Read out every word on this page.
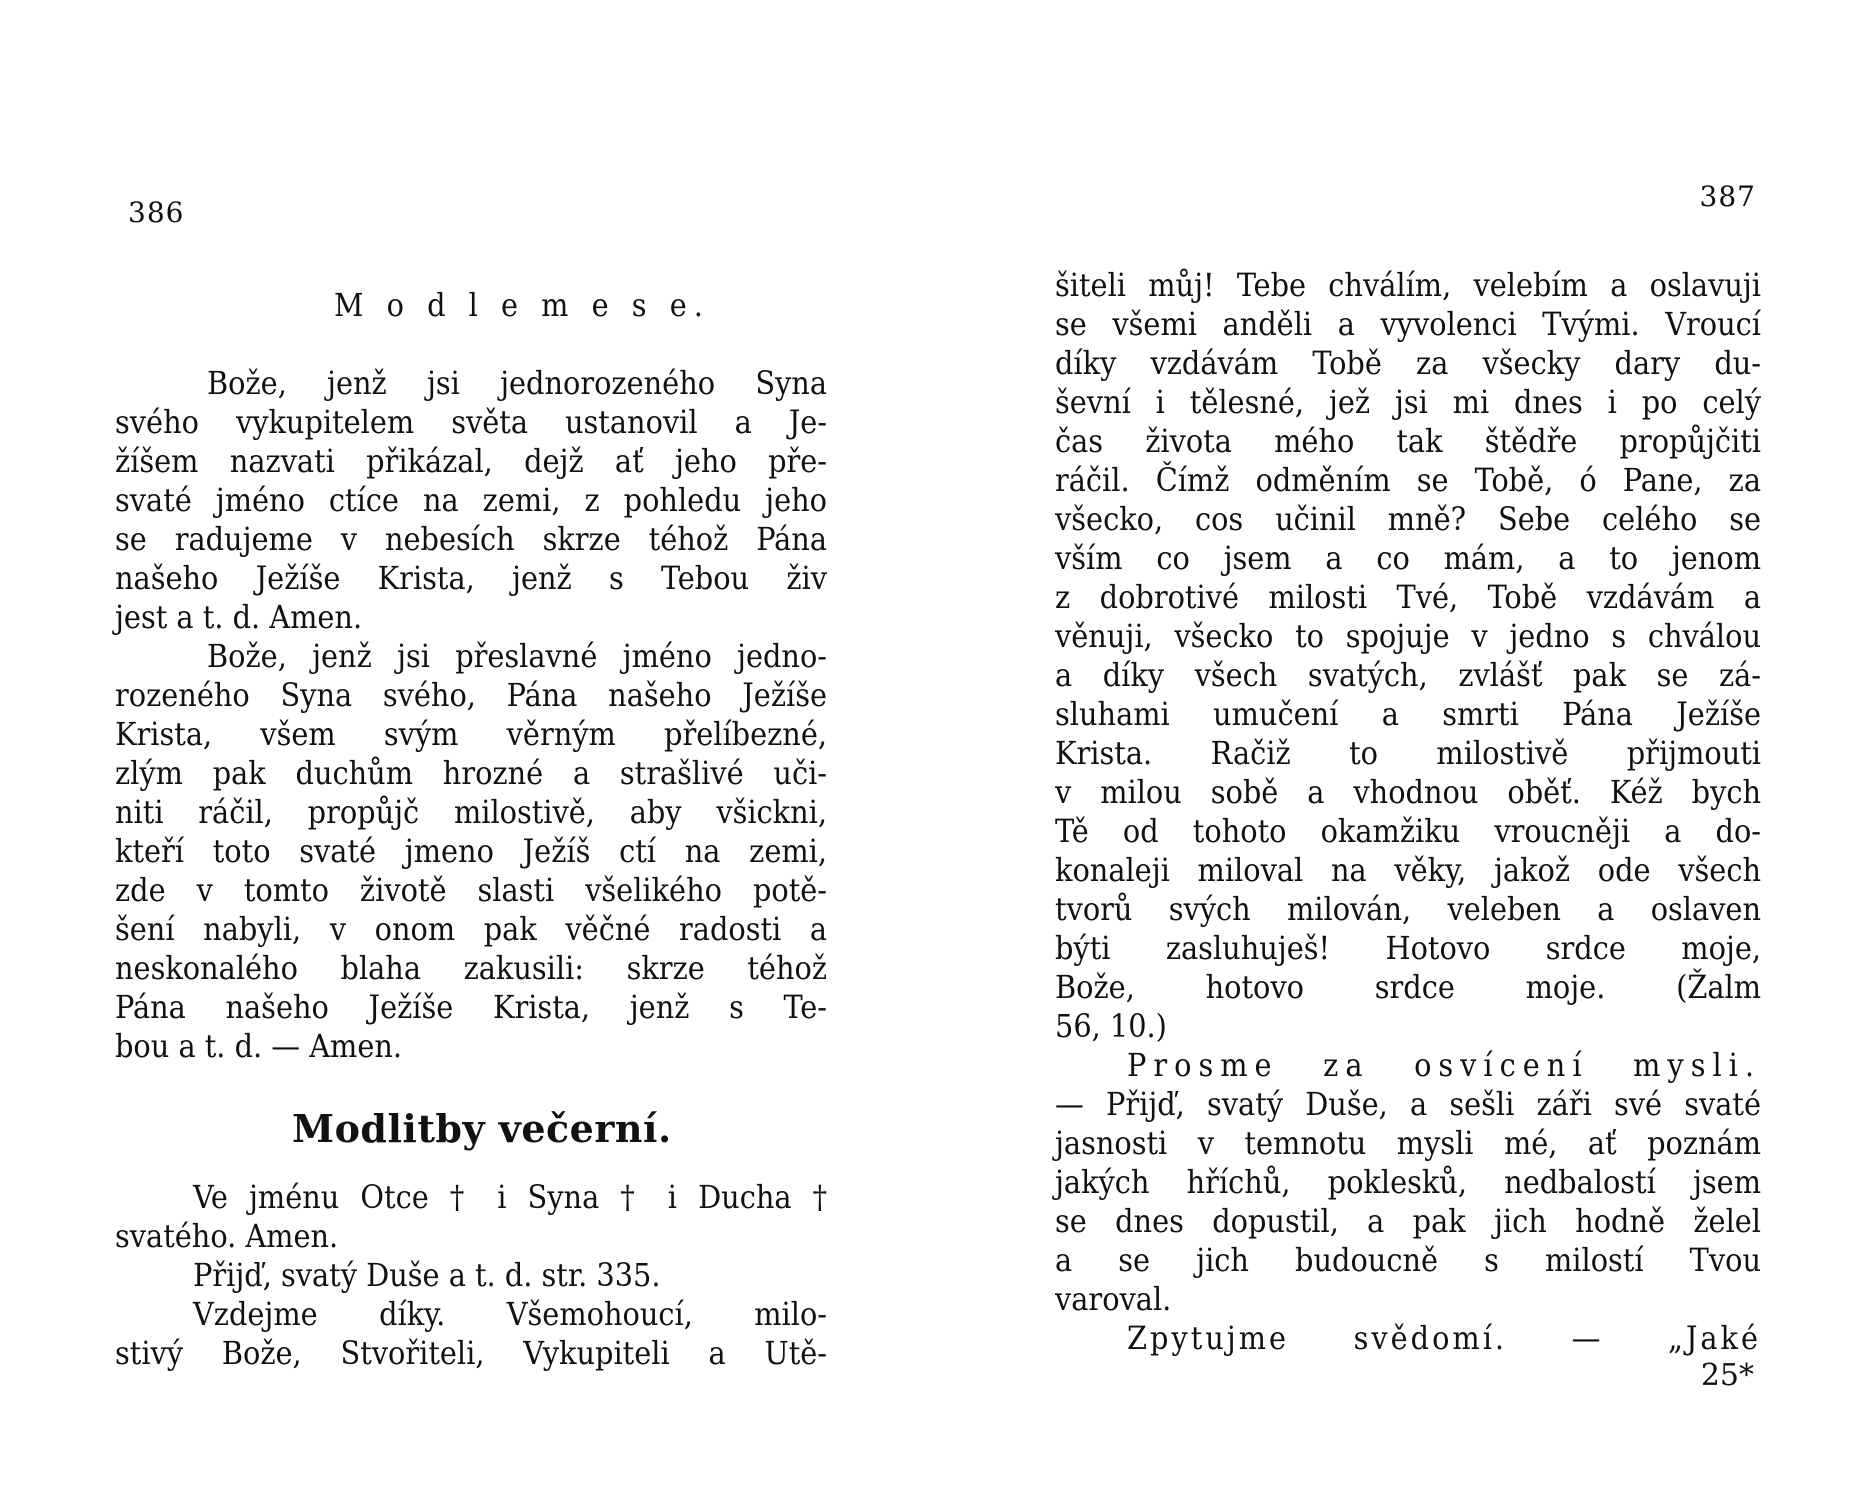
386
M o d l e m e s e.
Bože, jenž jsi jednorozeného Syna
svého vykupitelem světa ustanovil a Je-
žíšem nazvati přikázal, dejž ať jeho pře-
svaté jméno ctíce na zemi, z pohledu jeho
se radujeme v nebesích skrze téhož Pána
našeho Ježíše Krista, jenž s Tebou živ
jest a t. d. Amen.
Bože, jenž jsi přeslavné jméno jedno-
rozeného Syna svého, Pána našeho Ježíše
Krista, všem svým věrným přelíbezné,
zlým pak duchům hrozné a strašlivé uči-
niti ráčil, propůjč milostivě, aby všickni,
kteří toto svaté jmeno Ježíš ctí na zemi,
zde v tomto životě slasti všelikého potě-
šení nabyli, v onom pak věčné radosti a
neskonalého blaha zakusili: skrze téhož
Pána našeho Ježíše Krista, jenž s Te-
bou a t. d. — Amen.
Modlitby večerní.
Ve jménu Otce † i Syna † i Ducha †
svatého. Amen.
Přijď, svatý Duše a t. d. str. 335.
Vzdejme díky. Všemohoucí, milo-
stivý Bože, Stvořiteli, Vykupiteli a Utě-
387
šiteli můj! Tebe chválím, velebím a oslavuji
se všemi anděli a vyvolenci Tvými. Vroucí
díky vzdávám Tobě za všecky dary du-
ševní i tělesné, jež jsi mi dnes i po celý
čas života mého tak štědře propůjčiti
ráčil. Čímž odměním se Tobě, ó Pane, za
všecko, cos učinil mně? Sebe celého se
vším co jsem a co mám, a to jenom
z dobrotivé milosti Tvé, Tobě vzdávám a
věnuji, všecko to spojuje v jedno s chválou
a díky všech svatých, zvlášť pak se zá-
sluhami umučení a smrti Pána Ježíše
Krista. Račiž to milostivě přijmouti
v milou sobě a vhodnou oběť. Kéž bych
Tě od tohoto okamžiku vroucněji a do-
konaleji miloval na věky, jakož ode všech
tvorů svých milován, veleben a oslaven
býti zasluhuješ! Hotovo srdce moje,
Bože, hotovo srdce moje. (Žalm
56, 10.)
Prosme za osvícení mysli.
— Přijď, svatý Duše, a sešli záři své svaté
jasnosti v temnotu mysli mé, ať poznám
jakých hříchů, poklesků, nedbalostí jsem
se dnes dopustil, a pak jich hodně želel
a se jich budoucně s milostí Tvou
varoval.
Zpytujme svědomí. — „Jaké
25*
